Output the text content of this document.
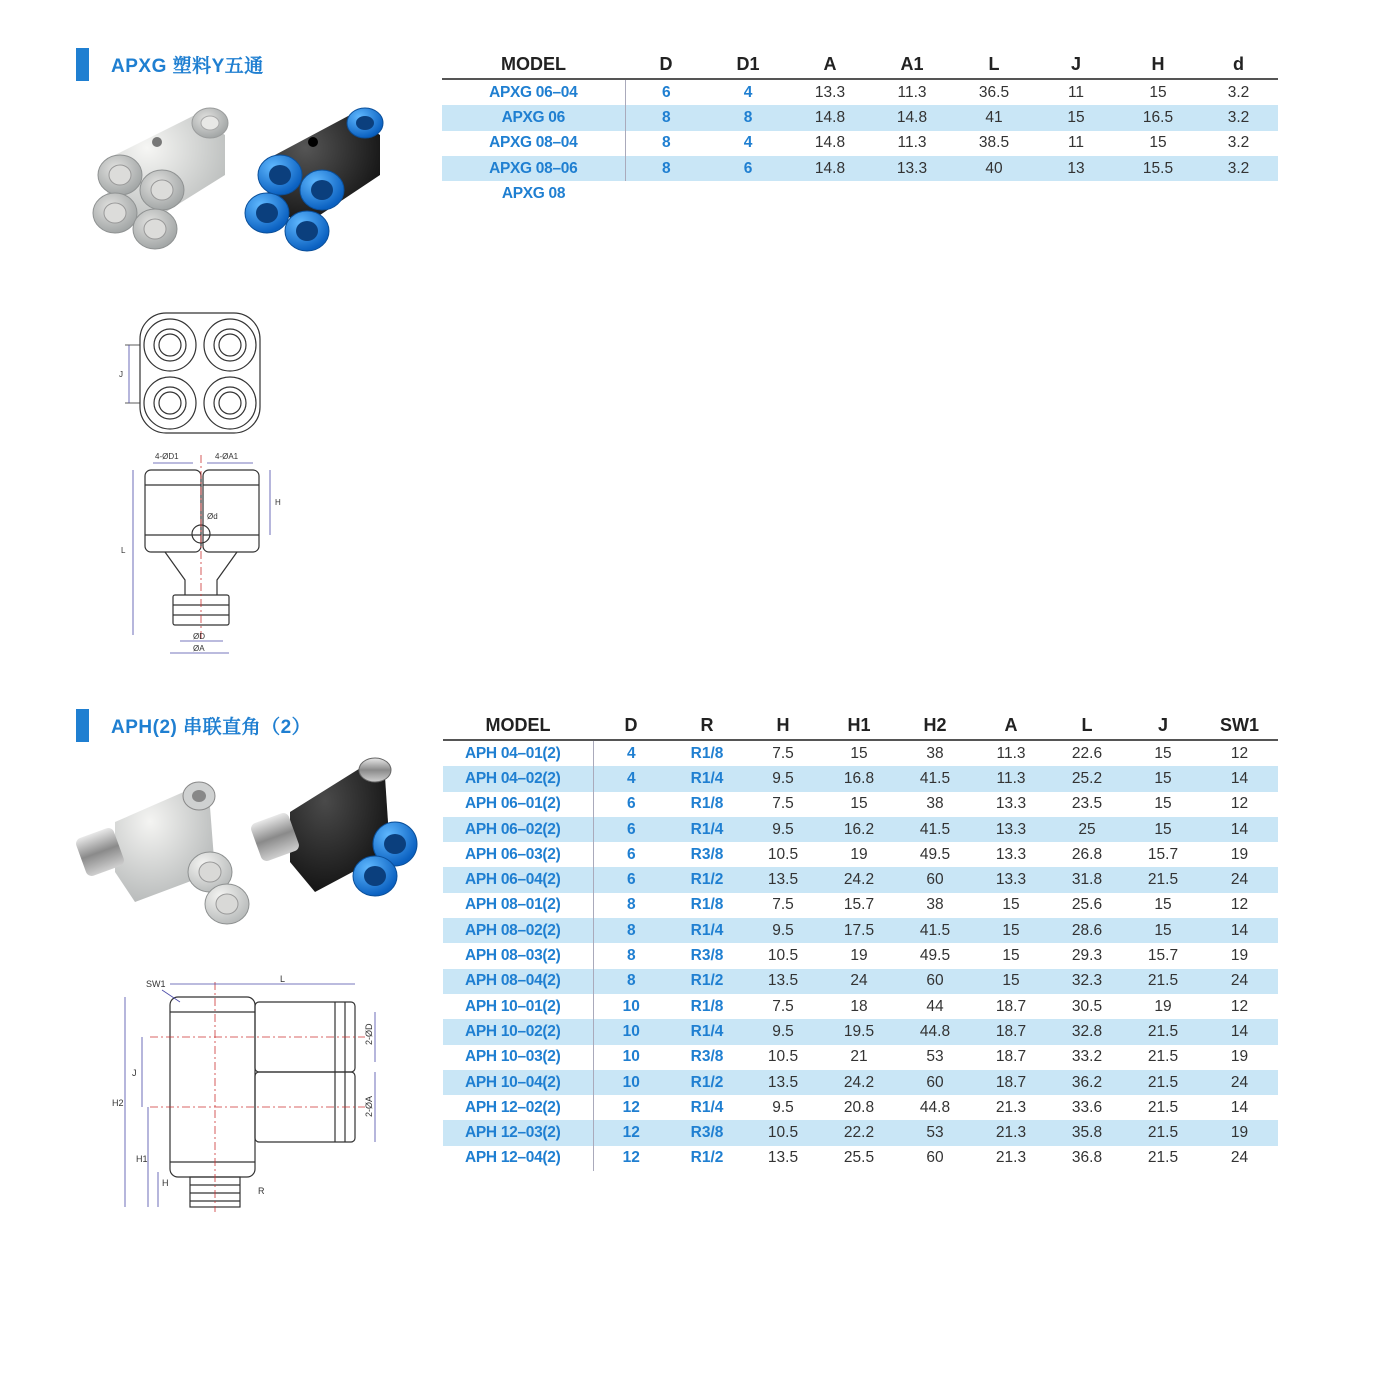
APXG 塑料Y五通
4-ØD1	4-ØA1
Ød
ØD
ØA
J
H
L
MODEL	D	D1	A	A1	L	J	H	d
APXG 06–04	6	4	13.3	11.3	36.5	11	15	3.2
APXG 06	8	8	14.8	14.8	41	15	16.5	3.2
APXG 08–04	8	4	14.8	11.3	38.5	11	15	3.2
APXG 08–06	8	6	14.8	13.3	40	13	15.5	3.2
APXG 08								
APH(2) 串联直角（2）
SW1	L
2-ØD
2-ØA
J
H2
H1
H
R
MODEL	D	R	H	H1	H2	A	L	J	SW1
APH 04–01(2)	4	R1/8	7.5	15	38	11.3	22.6	15	12
APH 04–02(2)	4	R1/4	9.5	16.8	41.5	11.3	25.2	15	14
APH 06–01(2)	6	R1/8	7.5	15	38	13.3	23.5	15	12
APH 06–02(2)	6	R1/4	9.5	16.2	41.5	13.3	25	15	14
APH 06–03(2)	6	R3/8	10.5	19	49.5	13.3	26.8	15.7	19
APH 06–04(2)	6	R1/2	13.5	24.2	60	13.3	31.8	21.5	24
APH 08–01(2)	8	R1/8	7.5	15.7	38	15	25.6	15	12
APH 08–02(2)	8	R1/4	9.5	17.5	41.5	15	28.6	15	14
APH 08–03(2)	8	R3/8	10.5	19	49.5	15	29.3	15.7	19
APH 08–04(2)	8	R1/2	13.5	24	60	15	32.3	21.5	24
APH 10–01(2)	10	R1/8	7.5	18	44	18.7	30.5	19	12
APH 10–02(2)	10	R1/4	9.5	19.5	44.8	18.7	32.8	21.5	14
APH 10–03(2)	10	R3/8	10.5	21	53	18.7	33.2	21.5	19
APH 10–04(2)	10	R1/2	13.5	24.2	60	18.7	36.2	21.5	24
APH 12–02(2)	12	R1/4	9.5	20.8	44.8	21.3	33.6	21.5	14
APH 12–03(2)	12	R3/8	10.5	22.2	53	21.3	35.8	21.5	19
APH 12–04(2)	12	R1/2	13.5	25.5	60	21.3	36.8	21.5	24
